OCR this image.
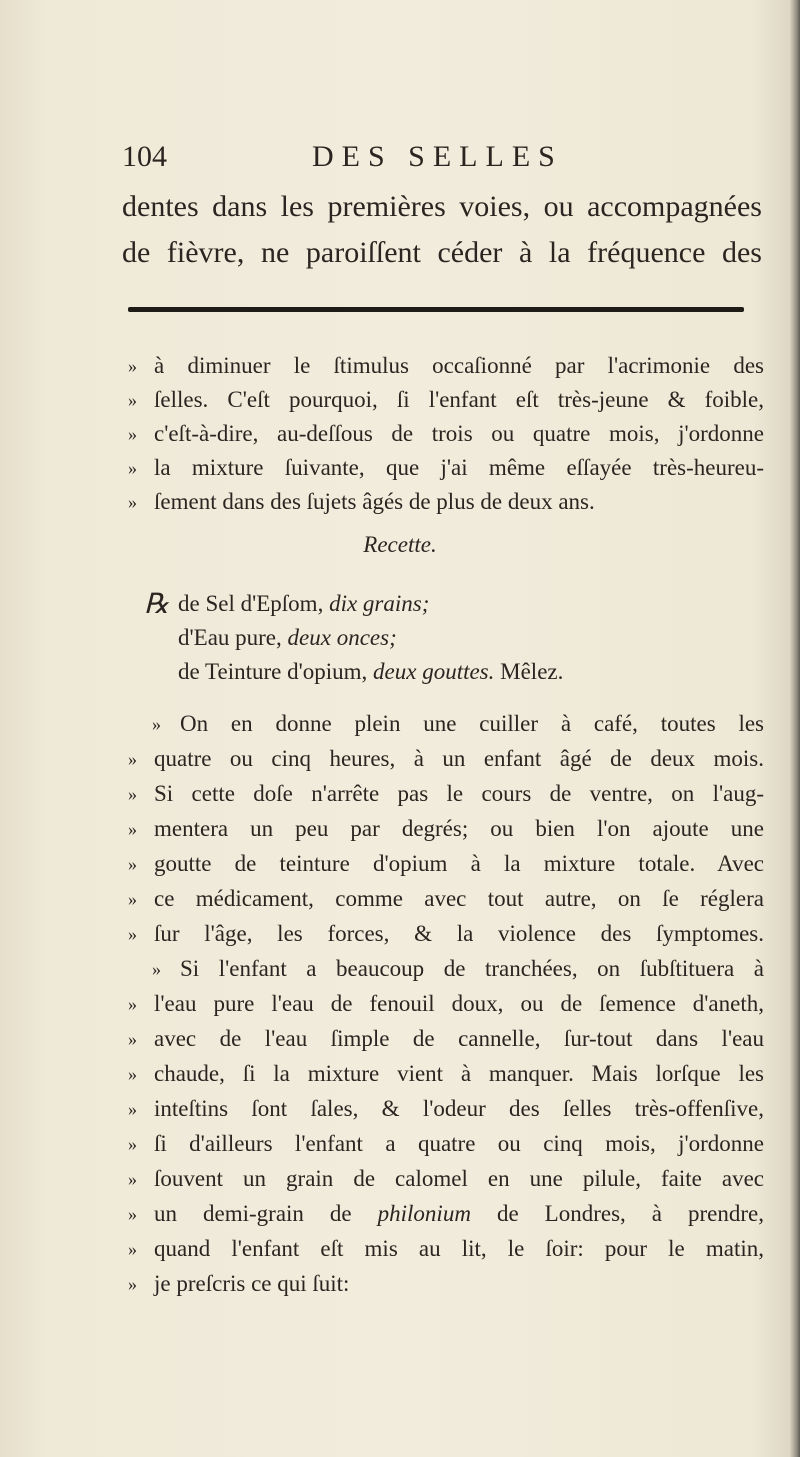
104	DES SELLES

dentes dans les premières voies, ou accompagnées

de fièvre, ne paroiſſent céder à la fréquence des

» à diminuer le ſtimulus occaſionné par l'acrimonie des
» ſelles. C'eſt pourquoi, ſi l'enfant eſt très-jeune & foible,
» c'eſt-à-dire, au-deſſous de trois ou quatre mois, j'ordonne
» la mixture ſuivante, que j'ai même eſſayée très-heureu-
» ſement dans des ſujets âgés de plus de deux ans.
Recette.
℞ de Sel d'Epſom, dix grains;
d'Eau pure, deux onces;
de Teinture d'opium, deux gouttes. Mêlez.
» On en donne plein une cuiller à café, toutes les
» quatre ou cinq heures, à un enfant âgé de deux mois.
» Si cette doſe n'arrête pas le cours de ventre, on l'aug-
» mentera un peu par degrés; ou bien l'on ajoute une
» goutte de teinture d'opium à la mixture totale. Avec
» ce médicament, comme avec tout autre, on ſe réglera
» ſur l'âge, les forces, & la violence des ſymptomes.
» Si l'enfant a beaucoup de tranchées, on ſubſtituera à
» l'eau pure l'eau de fenouil doux, ou de ſemence d'aneth,
» avec de l'eau ſimple de cannelle, ſur-tout dans l'eau
» chaude, ſi la mixture vient à manquer. Mais lorſque les
» inteſtins ſont ſales, & l'odeur des ſelles très-offenſive,
» ſi d'ailleurs l'enfant a quatre ou cinq mois, j'ordonne
» ſouvent un grain de calomel en une pilule, faite avec
» un demi-grain de philonium de Londres, à prendre,
» quand l'enfant eſt mis au lit, le ſoir: pour le matin,
» je preſcris ce qui ſuit:
